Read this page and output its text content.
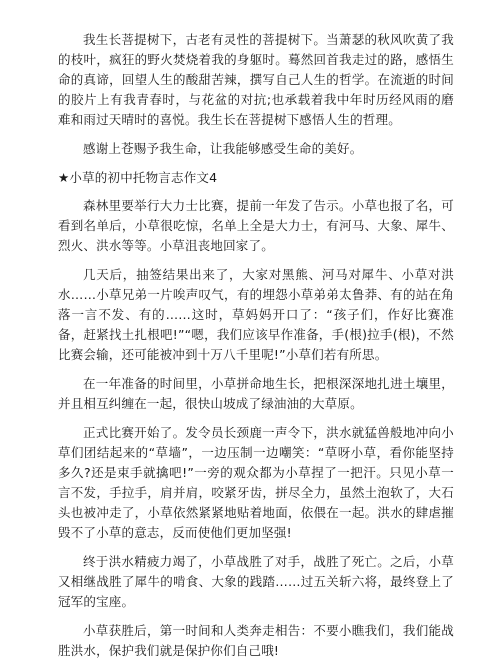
我生长菩提树下，古老有灵性的菩提树下。当萧瑟的秋风吹黄了我的枝叶，疯狂的野火焚烧着我的身躯时。蓦然回首我走过的路，感悟生命的真谛，回望人生的酸甜苦辣，撰写自己人生的哲学。在流逝的时间的胶片上有我青春时，与花盆的对抗;也承载着我中年时历经风雨的磨难和雨过天晴时的喜悦。我生长在菩提树下感悟人生的哲理。

感谢上苍赐予我生命，让我能够感受生命的美好。

★小草的初中托物言志作文4

森林里要举行大力士比赛，提前一年发了告示。小草也报了名，可看到名单后，小草很吃惊，名单上全是大力士，有河马、大象、犀牛、烈火、洪水等等。小草沮丧地回家了。

几天后，抽签结果出来了，大家对黑熊、河马对犀牛、小草对洪水……小草兄弟一片唉声叹气，有的埋怨小草弟弟太鲁莽、有的站在角落一言不发、有的……这时，草妈妈开口了：“孩子们，作好比赛准备，赶紧找土扎根吧!”“嗯，我们应该早作准备，手(根)拉手(根)，不然比赛会输，还可能被冲到十万八千里呢!”小草们若有所思。

在一年准备的时间里，小草拼命地生长，把根深深地扎进土壤里，并且相互纠缠在一起，很快山坡成了绿油油的大草原。

正式比赛开始了。发令员长颈鹿一声令下，洪水就猛兽般地冲向小草们团结起来的“草墙”，一边压制一边嘲笑：“草呀小草，看你能坚持多久?还是束手就擒吧!”一旁的观众都为小草捏了一把汗。只见小草一言不发，手拉手，肩并肩，咬紧牙齿，拼尽全力，虽然土泡软了，大石头也被冲走了，小草依然紧紧地贴着地面，依偎在一起。洪水的肆虐摧毁不了小草的意志，反而使他们更加坚强!

终于洪水精疲力竭了，小草战胜了对手，战胜了死亡。之后，小草又相继战胜了犀牛的啃食、大象的践踏……过五关斩六将，最终登上了冠军的宝座。

小草获胜后，第一时间和人类奔走相告：不要小瞧我们，我们能战胜洪水，保护我们就是保护你们自己哦!
